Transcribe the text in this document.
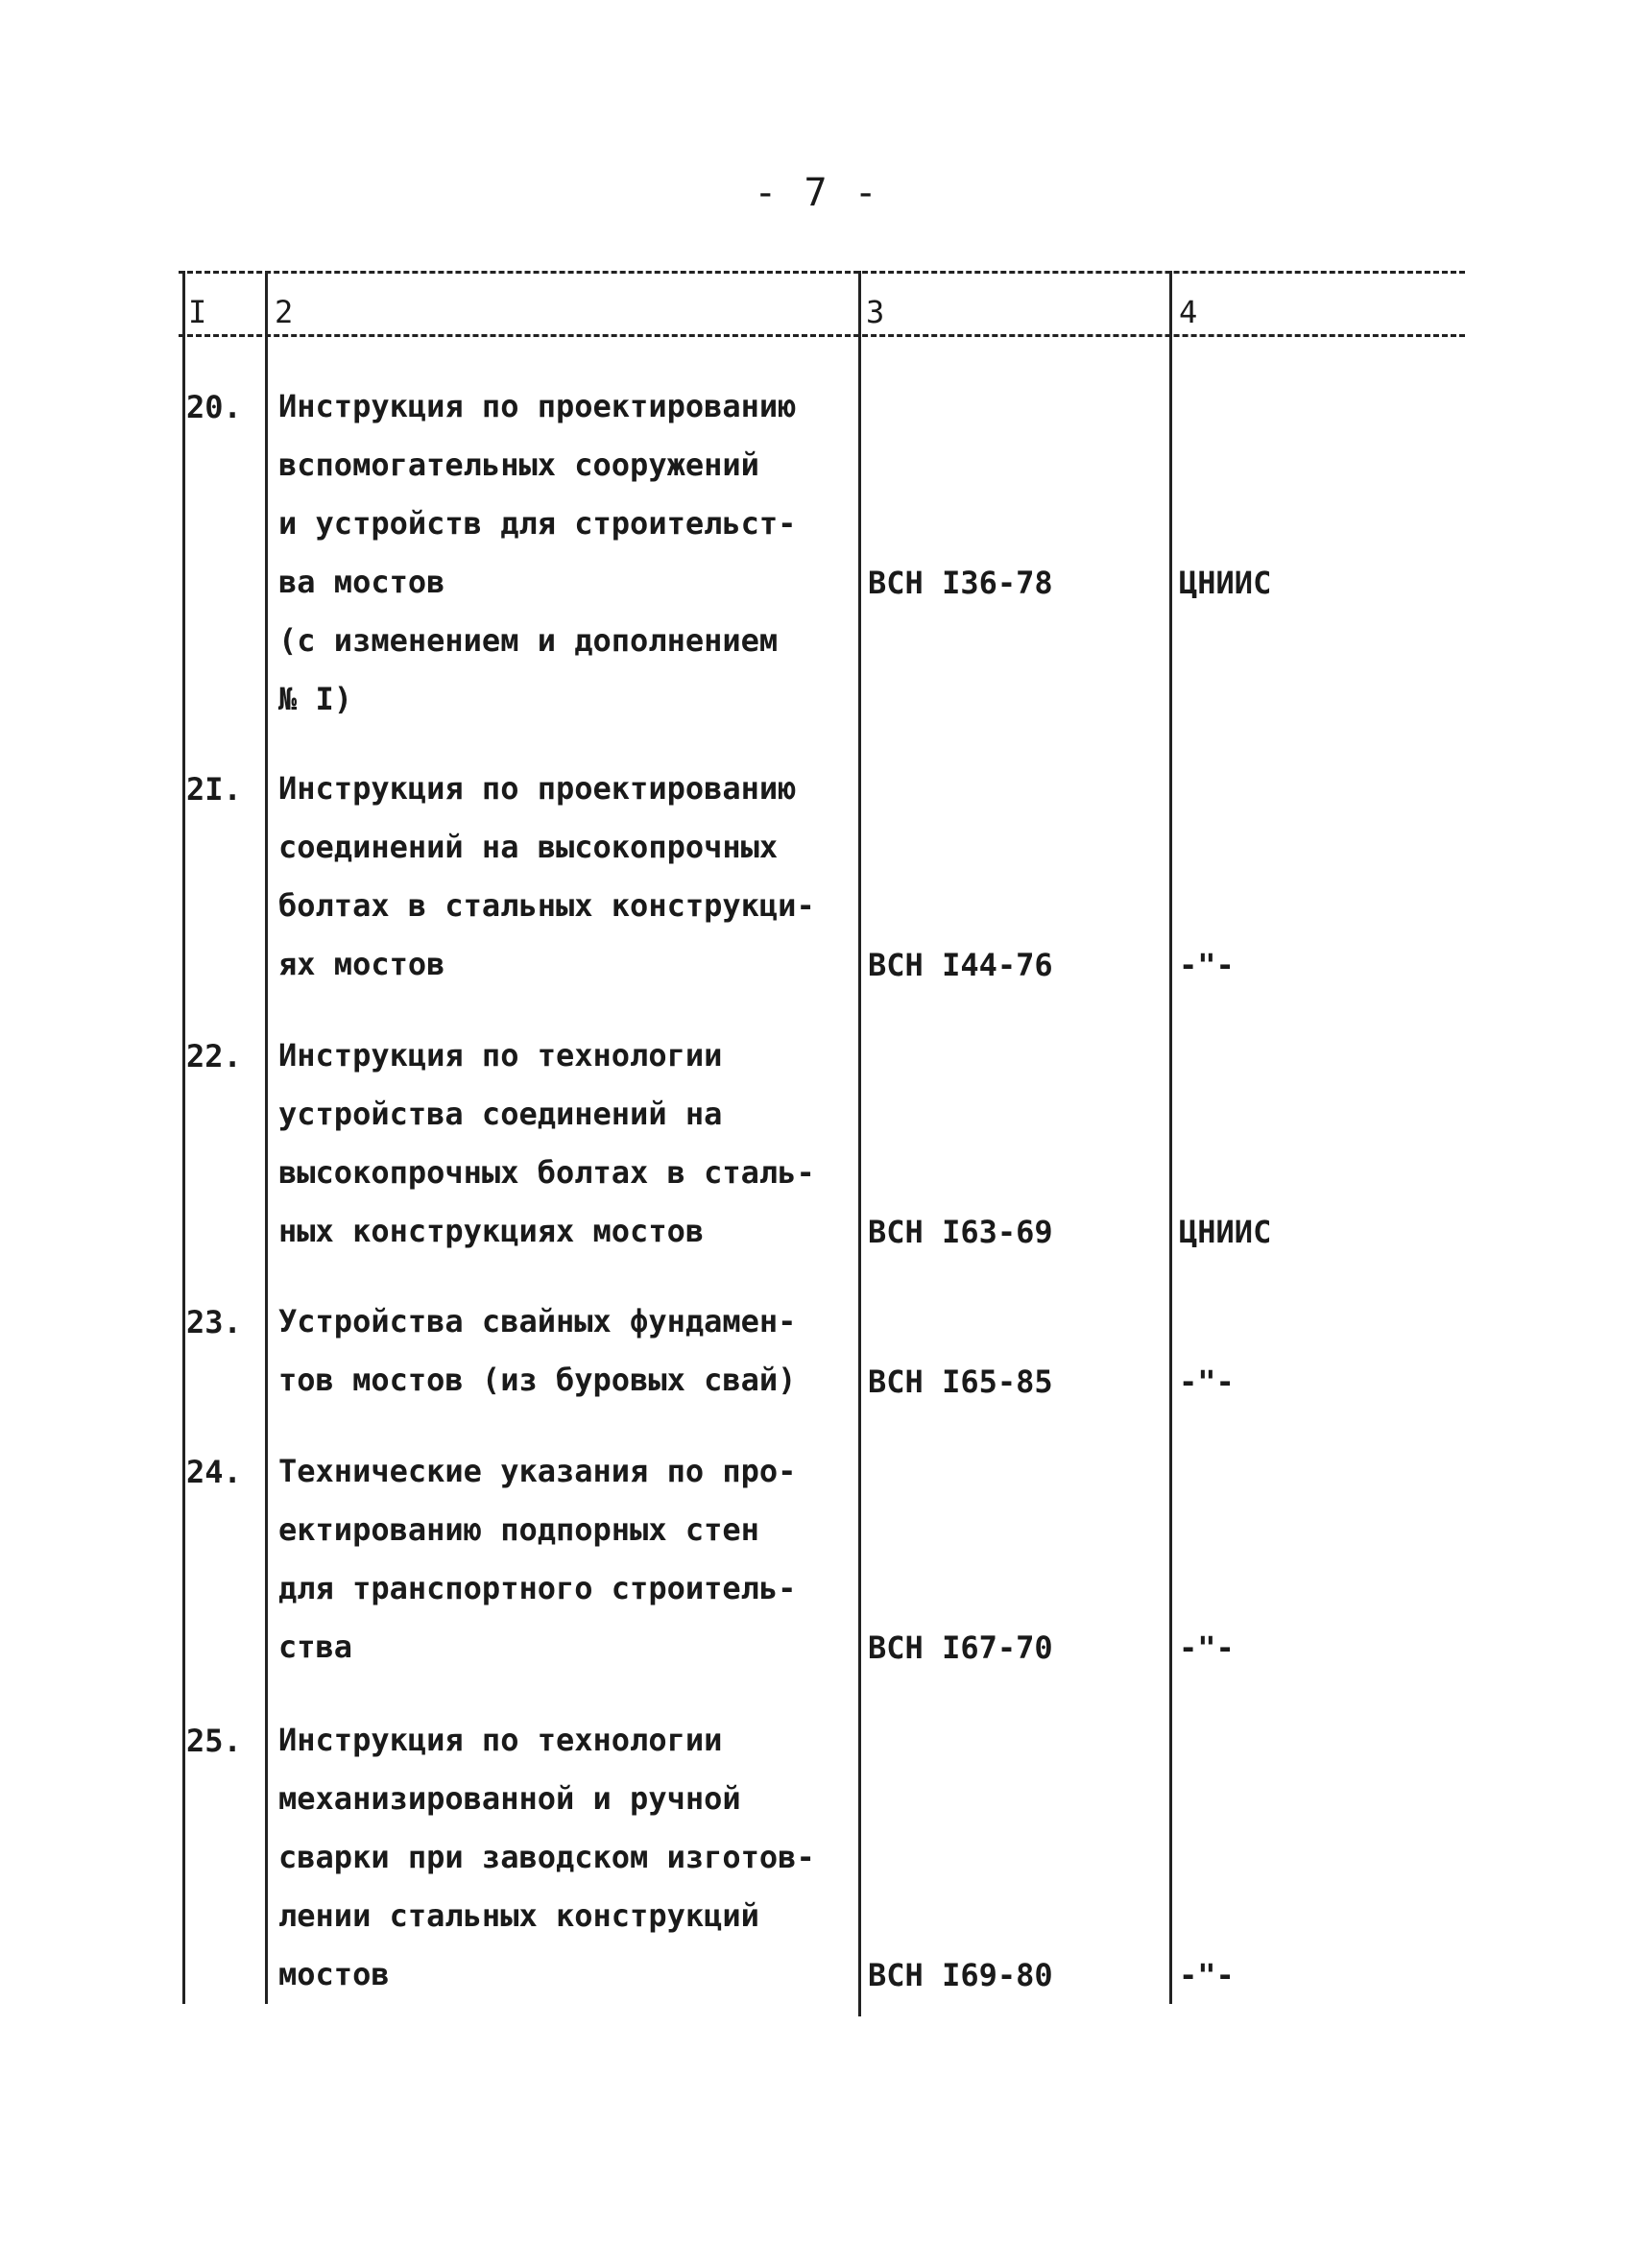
- 7 -
I 2	3	4
20. Инструкция по проектированию
вспомогательных сооружений
и устройств для строительст-
ва мостов
(с изменением и дополнением
№ I)
ВСН I36-78	ЦНИИС
2I. Инструкция по проектированию
соединений на высокопрочных
болтах в стальных конструкци-
ях мостов	ВСН I44-76	-"-
22. Инструкция по технологии
устройства соединений на
высокопрочных болтах в сталь-
ных конструкциях мостов	ВСН I63-69	ЦНИИС
23. Устройства свайных фундамен-
тов мостов (из буровых свай)	ВСН I65-85	-"-
24. Технические указания по про-
ектированию подпорных стен
для транспортного строитель-
ства	ВСН I67-70	-"-
25. Инструкция по технологии
механизированной и ручной
сварки при заводском изготов-
лении стальных конструкций
мостов	ВСН I69-80	-"-
